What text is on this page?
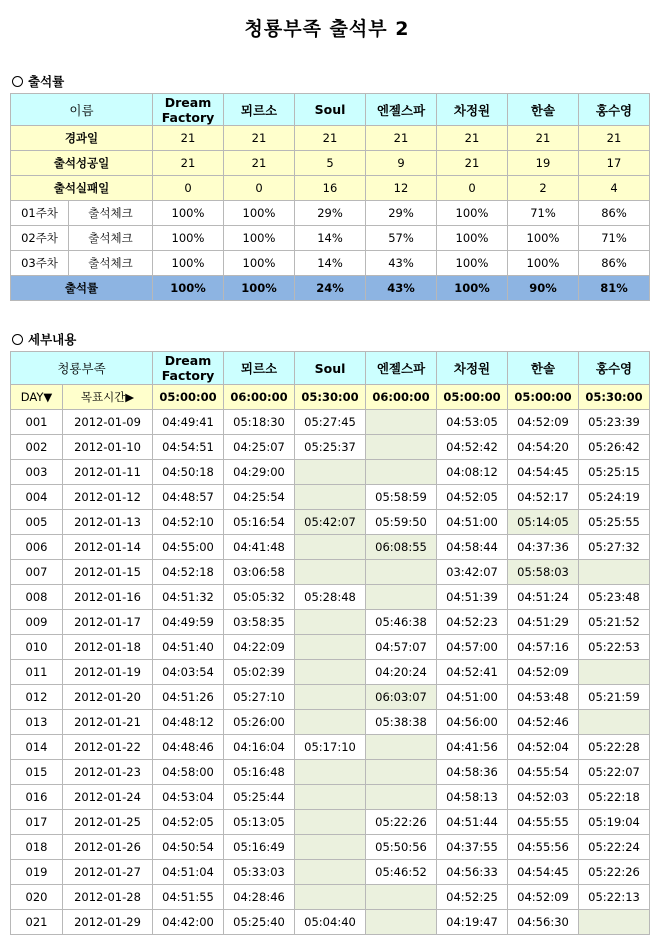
청룡부족 출석부 2
출석률
이름		Dream Factory	뫼르소	Soul	엔젤스파	차정원	한솔	홍수영
경과일		21	21	21	21	21	21	21
출석성공일		21	21	5	9	21	19	17
출석실패일		0	0	16	12	0	2	4
01주차	출석체크	100%	100%	29%	29%	100%	71%	86%
02주차	출석체크	100%	100%	14%	57%	100%	100%	71%
03주차	출석체크	100%	100%	14%	43%	100%	100%	86%
출석률		100%	100%	24%	43%	100%	90%	81%
세부내용
청룡부족		Dream Factory	뫼르소	Soul	엔젤스파	차정원	한솔	홍수영
DAY▼	목표시간▶	05:00:00	06:00:00	05:30:00	06:00:00	05:00:00	05:00:00	05:30:00
001	2012-01-09	04:49:41	05:18:30	05:27:45		04:53:05	04:52:09	05:23:39
002	2012-01-10	04:54:51	04:25:07	05:25:37		04:52:42	04:54:20	05:26:42
003	2012-01-11	04:50:18	04:29:00			04:08:12	04:54:45	05:25:15
004	2012-01-12	04:48:57	04:25:54		05:58:59	04:52:05	04:52:17	05:24:19
005	2012-01-13	04:52:10	05:16:54	05:42:07	05:59:50	04:51:00	05:14:05	05:25:55
006	2012-01-14	04:55:00	04:41:48		06:08:55	04:58:44	04:37:36	05:27:32
007	2012-01-15	04:52:18	03:06:58			03:42:07	05:58:03	
008	2012-01-16	04:51:32	05:05:32	05:28:48		04:51:39	04:51:24	05:23:48
009	2012-01-17	04:49:59	03:58:35		05:46:38	04:52:23	04:51:29	05:21:52
010	2012-01-18	04:51:40	04:22:09		04:57:07	04:57:00	04:57:16	05:22:53
011	2012-01-19	04:03:54	05:02:39		04:20:24	04:52:41	04:52:09	
012	2012-01-20	04:51:26	05:27:10		06:03:07	04:51:00	04:53:48	05:21:59
013	2012-01-21	04:48:12	05:26:00		05:38:38	04:56:00	04:52:46	
014	2012-01-22	04:48:46	04:16:04	05:17:10		04:41:56	04:52:04	05:22:28
015	2012-01-23	04:58:00	05:16:48			04:58:36	04:55:54	05:22:07
016	2012-01-24	04:53:04	05:25:44			04:58:13	04:52:03	05:22:18
017	2012-01-25	04:52:05	05:13:05		05:22:26	04:51:44	04:55:55	05:19:04
018	2012-01-26	04:50:54	05:16:49		05:50:56	04:37:55	04:55:56	05:22:24
019	2012-01-27	04:51:04	05:33:03		05:46:52	04:56:33	04:54:45	05:22:26
020	2012-01-28	04:51:55	04:28:46			04:52:25	04:52:09	05:22:13
021	2012-01-29	04:42:00	05:25:40	05:04:40		04:19:47	04:56:30	
